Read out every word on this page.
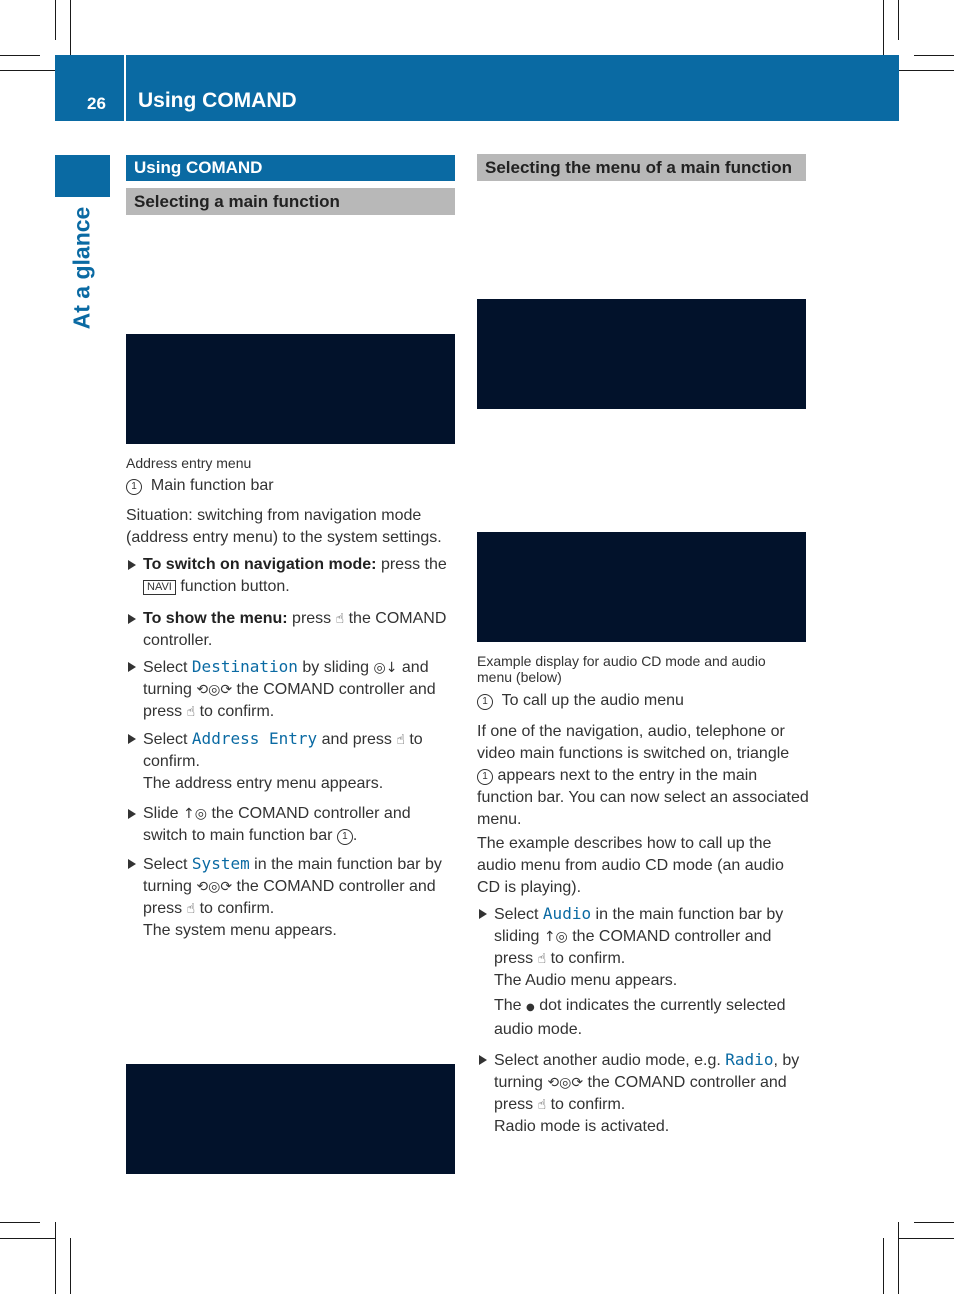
26 Using COMAND
At a glance
Using COMAND
Selecting a main function
Address entry menu
1 Main function bar
Situation: switching from navigation mode (address entry menu) to the system settings.
To switch on navigation mode: press the
NAVI function button.
To show the menu: press ☝ the COMAND controller.
Select Destination by sliding ◎↓ and turning ⟲◎⟳ the COMAND controller and press ☝ to confirm.
Select Address Entry and press ☝ to confirm.
The address entry menu appears.
Slide ↑◎ the COMAND controller and switch to main function bar 1 .
Select System in the main function bar by turning ⟲◎⟳ the COMAND controller and press ☝ to confirm.
The system menu appears.
Selecting the menu of a main function
Example display for audio CD mode and audio menu (below)
1 To call up the audio menu
If one of the navigation, audio, telephone or video main functions is switched on, triangle 1 appears next to the entry in the main function bar. You can now select an associated menu.
The example describes how to call up the audio menu from audio CD mode (an audio CD is playing).
Select Audio in the main function bar by sliding ↑◎ the COMAND controller and press ☝ to confirm.
The Audio menu appears.
The ● dot indicates the currently selected audio mode.
Select another audio mode, e.g. Radio, by turning ⟲◎⟳ the COMAND controller and press ☝ to confirm.
Radio mode is activated.
